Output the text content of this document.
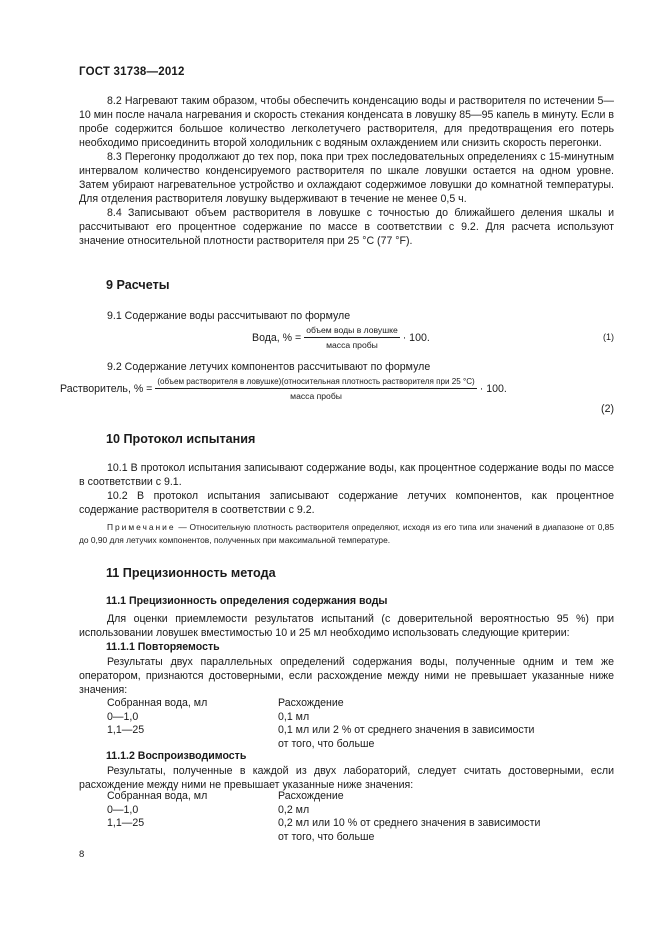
ГОСТ 31738—2012

8.2 Нагревают таким образом, чтобы обеспечить конденсацию воды и растворителя по истечении 5—10 мин после начала нагревания и скорость стекания конденсата в ловушку 85—95 капель в минуту. Если в пробе содержится большое количество легколетучего растворителя, для предотвращения его потерь необходимо присоединить второй холодильник с водяным охлаждением или снизить скорость перегонки.

8.3 Перегонку продолжают до тех пор, пока при трех последовательных определениях с 15-минутным интервалом количество конденсируемого растворителя по шкале ловушки остается на одном уровне. Затем убирают нагревательное устройство и охлаждают содержимое ловушки до комнатной температуры. Для отделения растворителя ловушку выдерживают в течение не менее 0,5 ч.

8.4 Записывают объем растворителя в ловушке с точностью до ближайшего деления шкалы и рассчитывают его процентное содержание по массе в соответствии с 9.2. Для расчета используют значение относительной плотности растворителя при 25 °С (77 °F).

9 Расчеты

9.1 Содержание воды рассчитывают по формуле

Вода, % = $\frac{\text{объем воды в ловушке}}{\text{масса пробы}} \cdot 100$.	(1)

9.2 Содержание летучих компонентов рассчитывают по формуле

Растворитель, % =
(объем растворителя в ловушке)(относительная плотность растворителя при 25 °С)
масса пробы
· 100.
(2)
10 Протокол испытания

10.1 В протокол испытания записывают содержание воды, как процентное содержание воды по массе в соответствии с 9.1.

10.2 В протокол испытания записывают содержание летучих компонентов, как процентное содержание растворителя в соответствии с 9.2.

Примечание — Относительную плотность растворителя определяют, исходя из его типа или значений в диапазоне от 0,85 до 0,90 для летучих компонентов, полученных при максимальной температуре.

11 Прецизионность метода
11.1 Прецизионность определения содержания воды

Для оценки приемлемости результатов испытаний (с доверительной вероятностью 95 %) при использовании ловушек вместимостью 10 и 25 мл необходимо использовать следующие критерии:

11.1.1 Повторяемость

Результаты двух параллельных определений содержания воды, полученные одним и тем же оператором, признаются достоверными, если расхождение между ними не превышает указанные ниже значения:

Собранная вода, мл	Расхождение
0—1,0	0,1 мл
1,1—25	0,1 мл или 2 % от среднего значения в зависимости
от того, что больше
11.1.2 Воспроизводимость

Результаты, полученные в каждой из двух лабораторий, следует считать достоверными, если расхождение между ними не превышает указанные ниже значения:

Собранная вода, мл	Расхождение
0—1,0	0,2 мл
1,1—25	0,2 мл или 10 % от среднего значения в зависимости
от того, что больше
8
